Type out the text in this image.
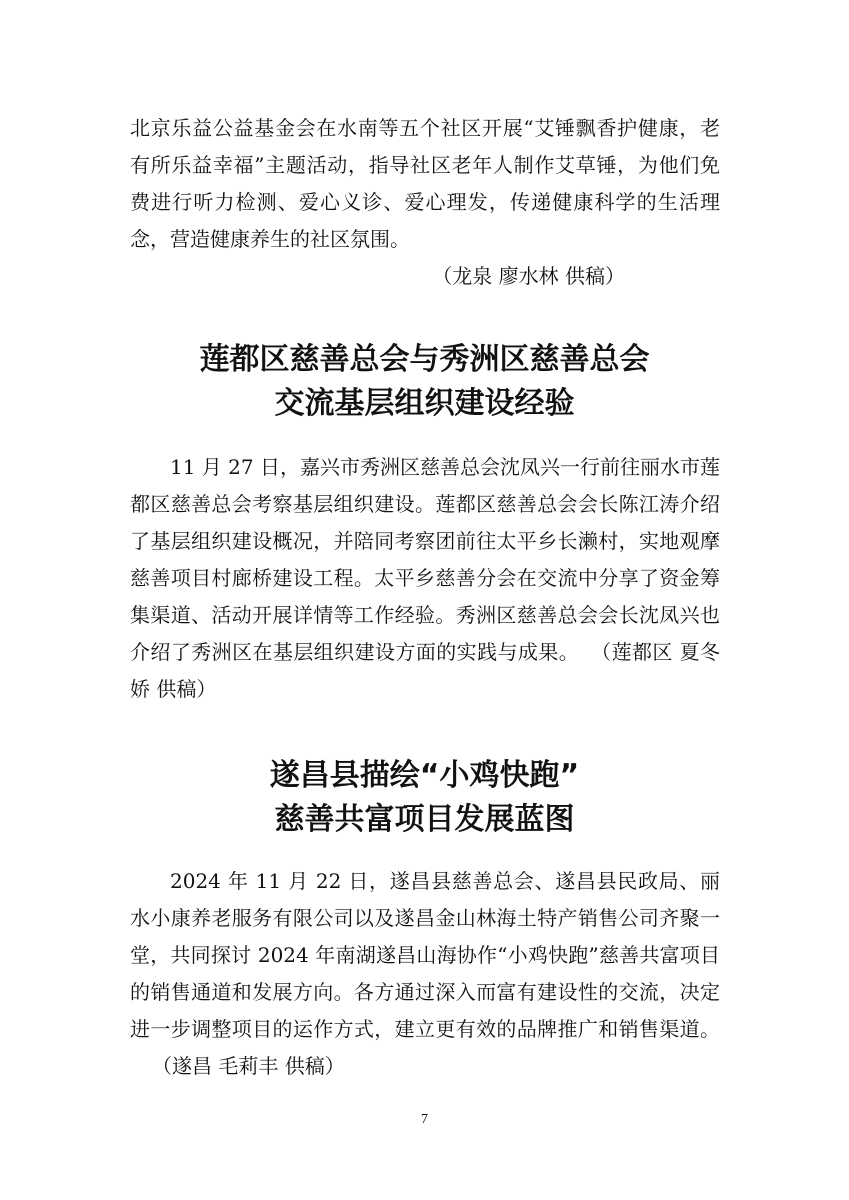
北京乐益公益基金会在水南等五个社区开展“艾锤飘香护健康，老有所乐益幸福”主题活动，指导社区老年人制作艾草锤，为他们免费进行听力检测、爱心义诊、爱心理发，传递健康科学的生活理念，营造健康养生的社区氛围。

（龙泉 廖水林 供稿）

莲都区慈善总会与秀洲区慈善总会
交流基层组织建设经验

11 月 27 日，嘉兴市秀洲区慈善总会沈凤兴一行前往丽水市莲都区慈善总会考察基层组织建设。莲都区慈善总会会长陈江涛介绍了基层组织建设概况，并陪同考察团前往太平乡长濑村，实地观摩慈善项目村廊桥建设工程。太平乡慈善分会在交流中分享了资金筹集渠道、活动开展详情等工作经验。秀洲区慈善总会会长沈凤兴也介绍了秀洲区在基层组织建设方面的实践与成果。 （莲都区 夏冬娇 供稿）

遂昌县描绘“小鸡快跑”
慈善共富项目发展蓝图

2024 年 11 月 22 日，遂昌县慈善总会、遂昌县民政局、丽水小康养老服务有限公司以及遂昌金山林海土特产销售公司齐聚一堂，共同探讨 2024 年南湖遂昌山海协作“小鸡快跑”慈善共富项目的销售通道和发展方向。各方通过深入而富有建设性的交流，决定进一步调整项目的运作方式，建立更有效的品牌推广和销售渠道。（遂昌 毛莉丰 供稿）

7
